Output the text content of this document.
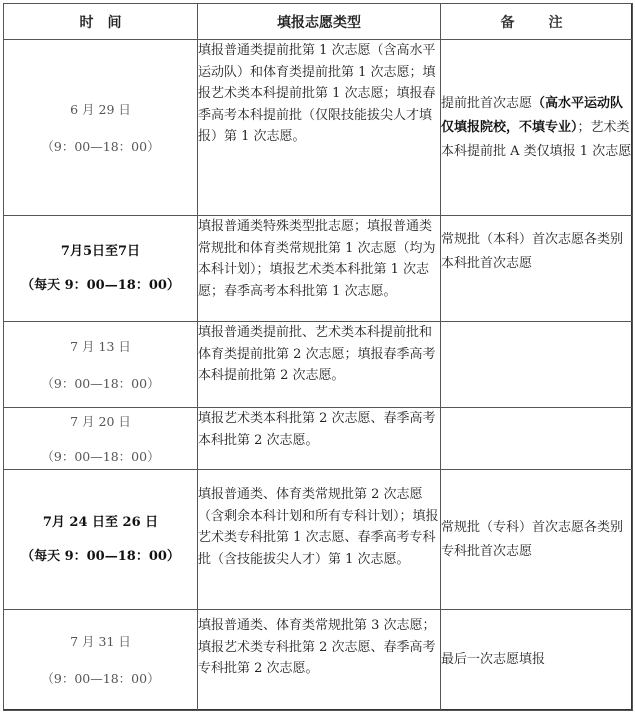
时　间	填报志愿类型	备　注

6 月 29 日
（9：00—18：00）	填报普通类提前批第 1 次志愿（含高水平运动队）和体育类提前批第 1 次志愿；填报艺术类本科提前批第 1 次志愿；填报春季高考本科提前批（仅限技能拔尖人才填报）第 1 次志愿。	提前批首次志愿（高水平运动队仅填报院校，不填专业）；艺术类本科提前批 A 类仅填报 1 次志愿

7月5日至7日
（每天 9：00—18：00）	填报普通类特殊类型批志愿；填报普通类常规批和体育类常规批第 1 次志愿（均为本科计划）；填报艺术类本科批第 1 次志愿；春季高考本科批第 1 次志愿。	常规批（本科）首次志愿各类别本科批首次志愿

7 月 13 日
（9：00—18：00）	填报普通类提前批、艺术类本科提前批和体育类提前批第 2 次志愿；填报春季高考本科提前批第 2 次志愿。	

7 月 20 日
（9：00—18：00）	填报艺术类本科批第 2 次志愿、春季高考本科批第 2 次志愿。	

7月 24 日至 26 日
（每天 9：00—18：00）	填报普通类、体育类常规批第 2 次志愿（含剩余本科计划和所有专科计划）；填报艺术类专科批第 1 次志愿、春季高考专科批（含技能拔尖人才）第 1 次志愿。	常规批（专科）首次志愿各类别专科批首次志愿

7 月 31 日
（9：00—18：00）	填报普通类、体育类常规批第 3 次志愿；填报艺术类专科批第 2 次志愿、春季高考专科批第 2 次志愿。	最后一次志愿填报
